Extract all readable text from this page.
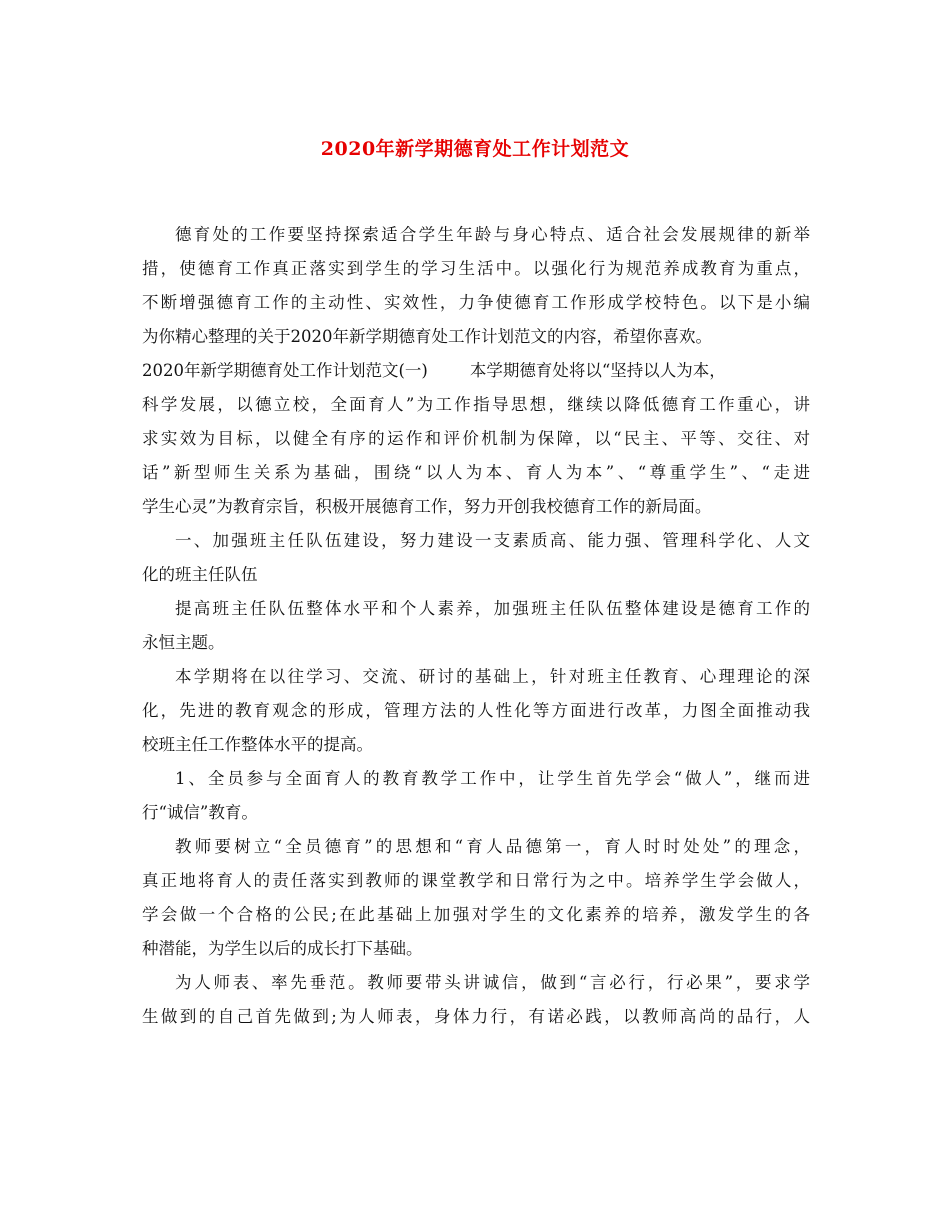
2020年新学期德育处工作计划范文
德育处的工作要坚持探索适合学生年龄与身心特点、适合社会发展规律的新举
措，使德育工作真正落实到学生的学习生活中。以强化行为规范养成教育为重点，
不断增强德育工作的主动性、实效性，力争使德育工作形成学校特色。以下是小编
为你精心整理的关于2020年新学期德育处工作计划范文的内容，希望你喜欢。
2020年新学期德育处工作计划范文(一)        本学期德育处将以“坚持以人为本，
科学发展，以德立校，全面育人”为工作指导思想，继续以降低德育工作重心，讲
求实效为目标，以健全有序的运作和评价机制为保障，以“民主、平等、交往、对
话”新型师生关系为基础，围绕“以人为本、育人为本”、“尊重学生”、“走进
学生心灵”为教育宗旨，积极开展德育工作，努力开创我校德育工作的新局面。
一、加强班主任队伍建设，努力建设一支素质高、能力强、管理科学化、人文
化的班主任队伍
提高班主任队伍整体水平和个人素养，加强班主任队伍整体建设是德育工作的
永恒主题。
本学期将在以往学习、交流、研讨的基础上，针对班主任教育、心理理论的深
化，先进的教育观念的形成，管理方法的人性化等方面进行改革，力图全面推动我
校班主任工作整体水平的提高。
1、全员参与全面育人的教育教学工作中，让学生首先学会“做人”，继而进
行“诚信”教育。
教师要树立“全员德育”的思想和“育人品德第一，育人时时处处”的理念，
真正地将育人的责任落实到教师的课堂教学和日常行为之中。培养学生学会做人，
学会做一个合格的公民;在此基础上加强对学生的文化素养的培养，激发学生的各
种潜能，为学生以后的成长打下基础。
为人师表、率先垂范。教师要带头讲诚信，做到“言必行，行必果”，要求学
生做到的自己首先做到;为人师表，身体力行，有诺必践，以教师高尚的品行，人
